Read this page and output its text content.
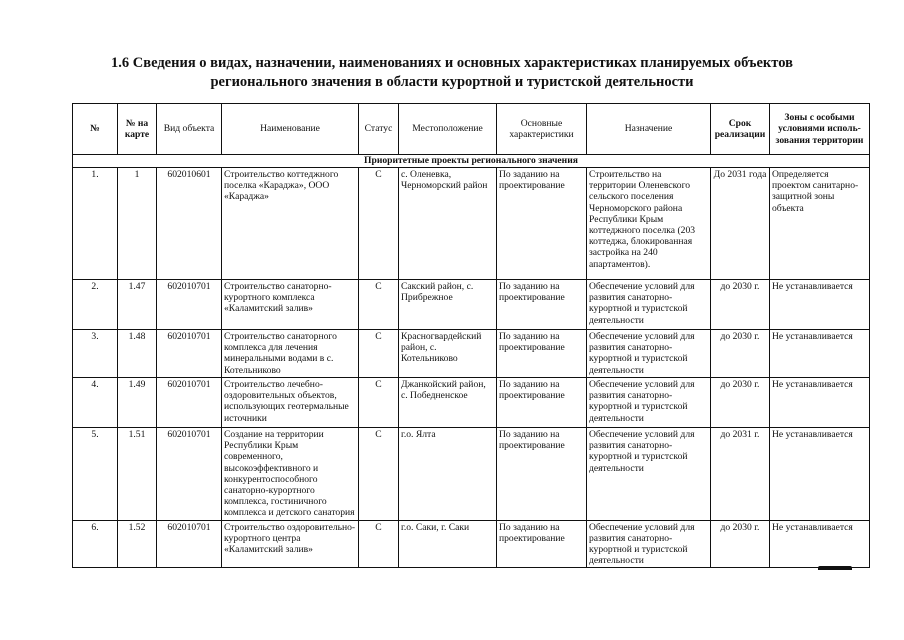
1.6 Сведения о видах, назначении, наименованиях и основных характеристиках планируемых объектов
регионального значения в области курортной и туристской деятельности
№	№ на карте	Вид объекта	Наименование	Статус	Местоположение	Основные характеристики	Назначение	Срок реализации	Зоны с особыми условиями исполь-зования территории
Приоритетные проекты регионального значения									
1.	1	602010601	Строительство коттеджного поселка «Караджа», ООО «Караджа»	С	с. Оленевка, Черноморский район	По заданию на проектирование	Строительство на территории Оленевского сельского поселения Черноморского района Республики Крым коттеджного поселка (203 коттеджа, блокированная застройка на 240 апартаментов).	До 2031 года	Определяется проектом санитарно-защитной зоны объекта
2.	1.47	602010701	Строительство санаторно-курортного комплекса «Каламитский залив»	С	Сакский район, с. Прибрежное	По заданию на проектирование	Обеспечение условий для развития санаторно-курортной и туристской деятельности	до 2030 г.	Не устанавливается
3.	1.48	602010701	Строительство санаторного комплекса для лечения минеральными водами в с. Котельниково	С	Красногвардейский район, с. Котельниково	По заданию на проектирование	Обеспечение условий для развития санаторно-курортной и туристской деятельности	до 2030 г.	Не устанавливается
4.	1.49	602010701	Строительство лечебно-оздоровительных объектов, использующих геотермальные источники	С	Джанкойский район, с. Победненское	По заданию на проектирование	Обеспечение условий для развития санаторно-курортной и туристской деятельности	до 2030 г.	Не устанавливается
5.	1.51	602010701	Создание на территории Республики Крым современного, высокоэффективного и конкурентоспособного санаторно-курортного комплекса, гостиничного комплекса и детского санатория	С	г.о. Ялта	По заданию на проектирование	Обеспечение условий для развития санаторно-курортной и туристской деятельности	до 2031 г.	Не устанавливается
6.	1.52	602010701	Строительство оздоровительно-курортного центра «Каламитский залив»	С	г.о. Саки, г. Саки	По заданию на проектирование	Обеспечение условий для развития санаторно-курортной и туристской деятельности	до 2030 г.	Не устанавливается
